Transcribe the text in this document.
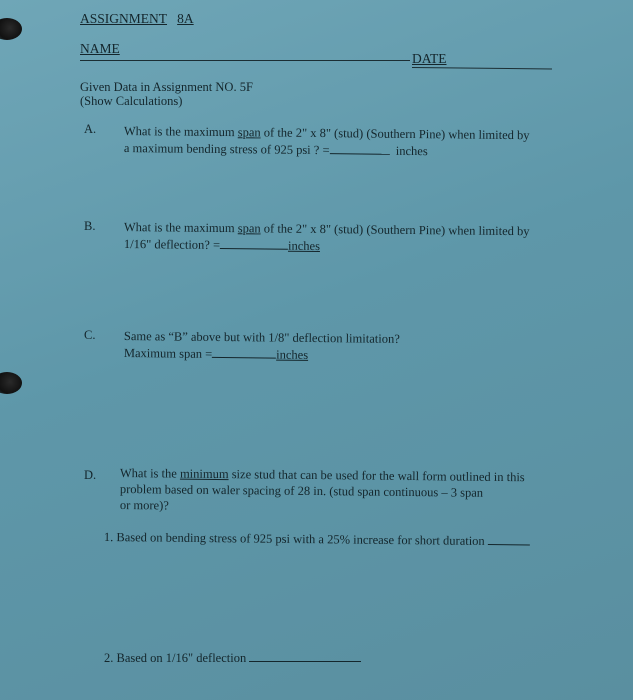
ASSIGNMENT 8A
NAME
DATE
Given Data in Assignment NO. 5F
(Show Calculations)
A. What is the maximum span of the 2" x 8" (stud) (Southern Pine) when limited by
a maximum bending stress of 925 psi ? =	inches
B. What is the maximum span of the 2" x 8" (stud) (Southern Pine) when limited by
1/16" deflection? =	inches
C. Same as “B” above but with 1/8" deflection limitation?
Maximum span =	inches
D. What is the minimum size stud that can be used for the wall form outlined in this
problem based on waler spacing of 28 in. (stud span continuous – 3 span
or more)?
1. Based on bending stress of 925 psi with a 25% increase for short duration
2. Based on 1/16" deflection
